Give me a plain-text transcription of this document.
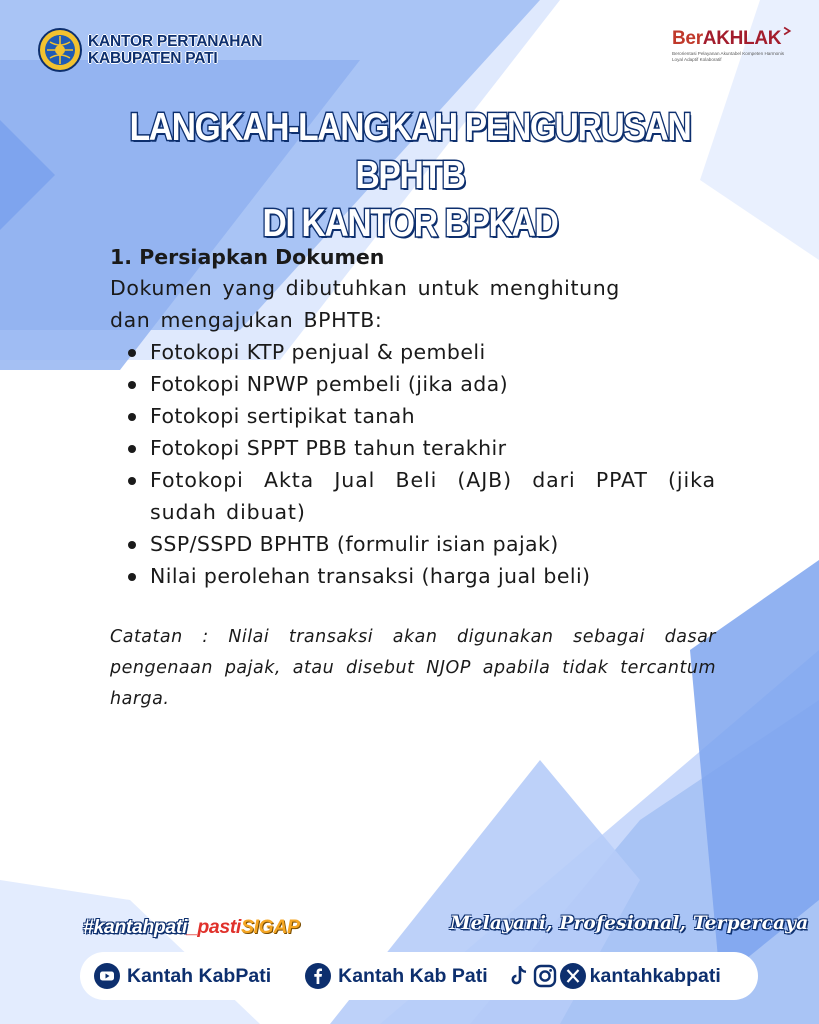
KANTOR PERTANAHAN
KABUPATEN PATI
Ber AKHLAK
Berorientasi Pelayanan Akuntabel Kompeten Harmonis Loyal Adaptif Kolaboratif
LANGKAH-LANGKAH PENGURUSAN BPHTB
DI KANTOR BPKAD

1. Persiapkan Dokumen

Dokumen yang dibutuhkan untuk menghitung

dan mengajukan BPHTB:

Fotokopi KTP penjual & pembeli
Fotokopi NPWP pembeli (jika ada)
Fotokopi sertipikat tanah
Fotokopi SPPT PBB tahun terakhir
Fotokopi Akta Jual Beli (AJB) dari PPAT (jika sudah dibuat)
SSP/SSPD BPHTB (formulir isian pajak)
Nilai perolehan transaksi (harga jual beli)
Catatan : Nilai transaksi akan digunakan sebagai dasar pengenaan pajak, atau disebut NJOP apabila tidak tercantum harga.
#kantahpati_pastiSIGAP	Melayani, Profesional, Terpercaya
Kantah KabPati	Kantah Kab Pati	kantahkabpati
